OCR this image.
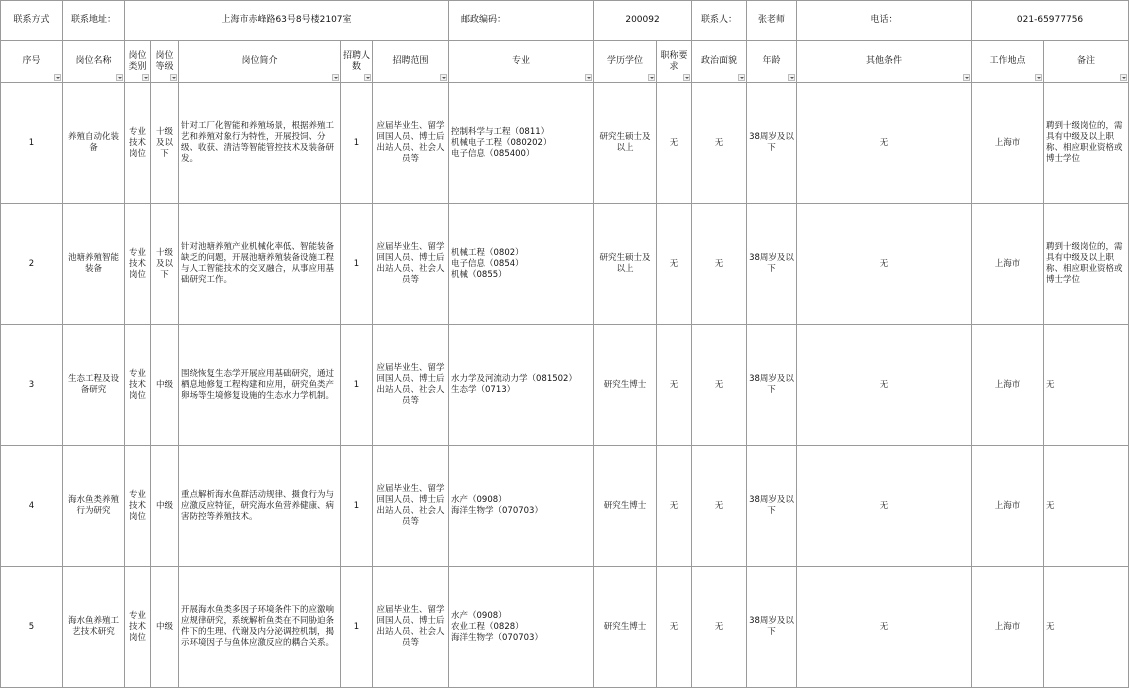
联系方式	联系地址：	上海市赤峰路63号8号楼2107室					邮政编码：	200092		联系人：	张老师	电话：	021-65977756	

序号	岗位名称	岗位类别	岗位等级	岗位简介	招聘人数	招聘范围	专业	学历学位	职称要求	政治面貌	年龄	其他条件	工作地点	备注

1	养殖自动化装备	专业技术岗位	十级及以下	针对工厂化智能和养殖场景，根据养殖工艺和养殖对象行为特性，开展投饲、分级、收获、清洁等智能管控技术及装备研发。	1	应届毕业生、留学回国人员、博士后出站人员、社会人员等	控制科学与工程（0811）
机械电子工程（080202）
电子信息（085400）	研究生硕士及以上	无	无	38周岁及以下	无	上海市	聘到十级岗位的，需具有中级及以上职称、相应职业资格或博士学位
2	池塘养殖智能装备	专业技术岗位	十级及以下	针对池塘养殖产业机械化率低、智能装备缺乏的问题，开展池塘养殖装备设施工程与人工智能技术的交叉融合，从事应用基础研究工作。	1	应届毕业生、留学回国人员、博士后出站人员、社会人员等	机械工程（0802）
电子信息（0854）
机械（0855）	研究生硕士及以上	无	无	38周岁及以下	无	上海市	聘到十级岗位的，需具有中级及以上职称、相应职业资格或博士学位
3	生态工程及设备研究	专业技术岗位	中级	围绕恢复生态学开展应用基础研究，通过栖息地修复工程构建和应用，研究鱼类产卵场等生境修复设施的生态水力学机制。	1	应届毕业生、留学回国人员、博士后出站人员、社会人员等	水力学及河流动力学（081502）
生态学（0713）	研究生博士	无	无	38周岁及以下	无	上海市	无
4	海水鱼类养殖行为研究	专业技术岗位	中级	重点解析海水鱼群活动规律、摄食行为与应激反应特征，研究海水鱼营养健康、病害防控等养殖技术。	1	应届毕业生、留学回国人员、博士后出站人员、社会人员等	水产（0908）
海洋生物学（070703）	研究生博士	无	无	38周岁及以下	无	上海市	无
5	海水鱼养殖工艺技术研究	专业技术岗位	中级	开展海水鱼类多因子环境条件下的应激响应规律研究，系统解析鱼类在不同胁迫条件下的生理、代谢及内分泌调控机制，揭示环境因子与鱼体应激反应的耦合关系。	1	应届毕业生、留学回国人员、博士后出站人员、社会人员等	水产（0908）
农业工程（0828）
海洋生物学（070703）	研究生博士	无	无	38周岁及以下	无	上海市	无
